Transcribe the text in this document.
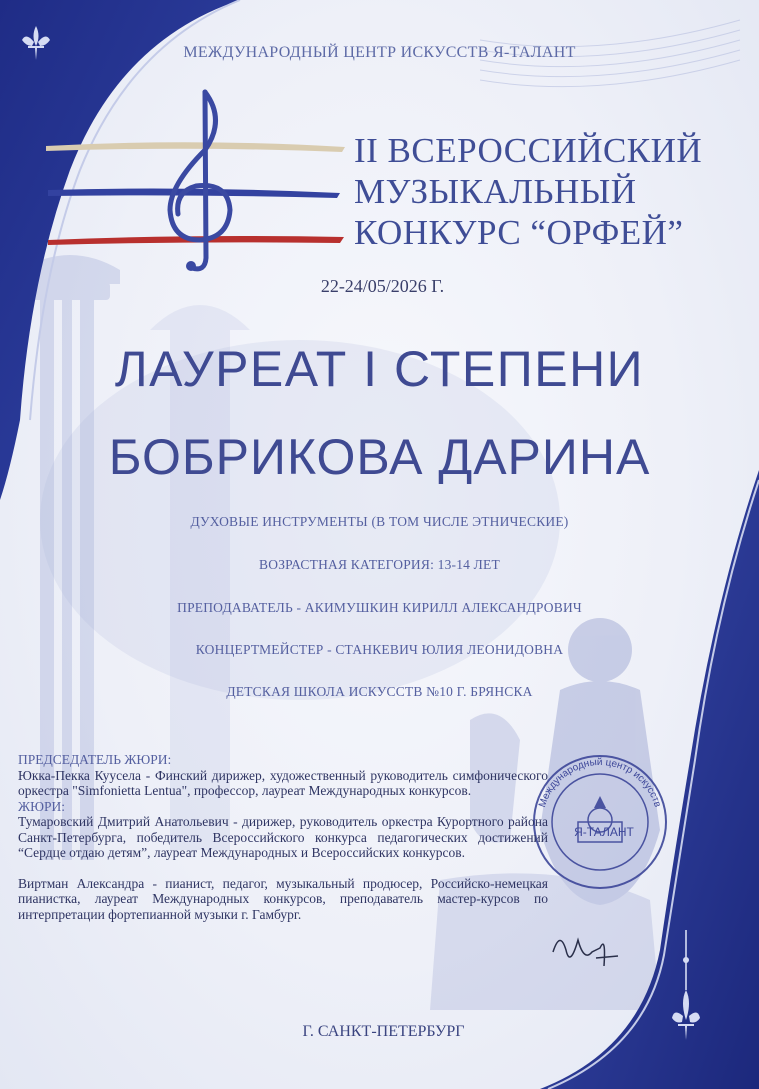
Международный центр искусств
Я-ТАЛАНТ
МЕЖДУНАРОДНЫЙ ЦЕНТР ИСКУССТВ Я-ТАЛАНТ
II ВСЕРОССИЙСКИЙ
МУЗЫКАЛЬНЫЙ
КОНКУРС “ОРФЕЙ”
22-24/05/2026 Г.
ЛАУРЕАТ I СТЕПЕНИ
БОБРИКОВА ДАРИНА
ДУХОВЫЕ ИНСТРУМЕНТЫ (В ТОМ ЧИСЛЕ ЭТНИЧЕСКИЕ)
ВОЗРАСТНАЯ КАТЕГОРИЯ: 13-14 ЛЕТ
ПРЕПОДАВАТЕЛЬ - АКИМУШКИН КИРИЛЛ АЛЕКСАНДРОВИЧ
КОНЦЕРТМЕЙСТЕР - СТАНКЕВИЧ ЮЛИЯ ЛЕОНИДОВНА
ДЕТСКАЯ ШКОЛА ИСКУССТВ №10 Г. БРЯНСКА

ПРЕДСЕДАТЕЛЬ ЖЮРИ:

Юкка-Пекка Куусела - Финский дирижер, художественный руководитель симфонического оркестра "Simfonietta Lentua", профессор, лауреат Международных конкурсов.

ЖЮРИ:

Тумаровский Дмитрий Анатольевич - дирижер, руководитель оркестра Курортного района Санкт-Петербурга, победитель Всероссийского конкурса педагогических достижений “Сердце отдаю детям”, лауреат Международных и Всероссийских конкурсов.

Виртман Александра - пианист, педагог, музыкальный продюсер, Российско-немецкая пианистка, лауреат Международных конкурсов, преподаватель мастер-курсов по интерпретации фортепианной музыки г. Гамбург.

Г. САНКТ-ПЕТЕРБУРГ
